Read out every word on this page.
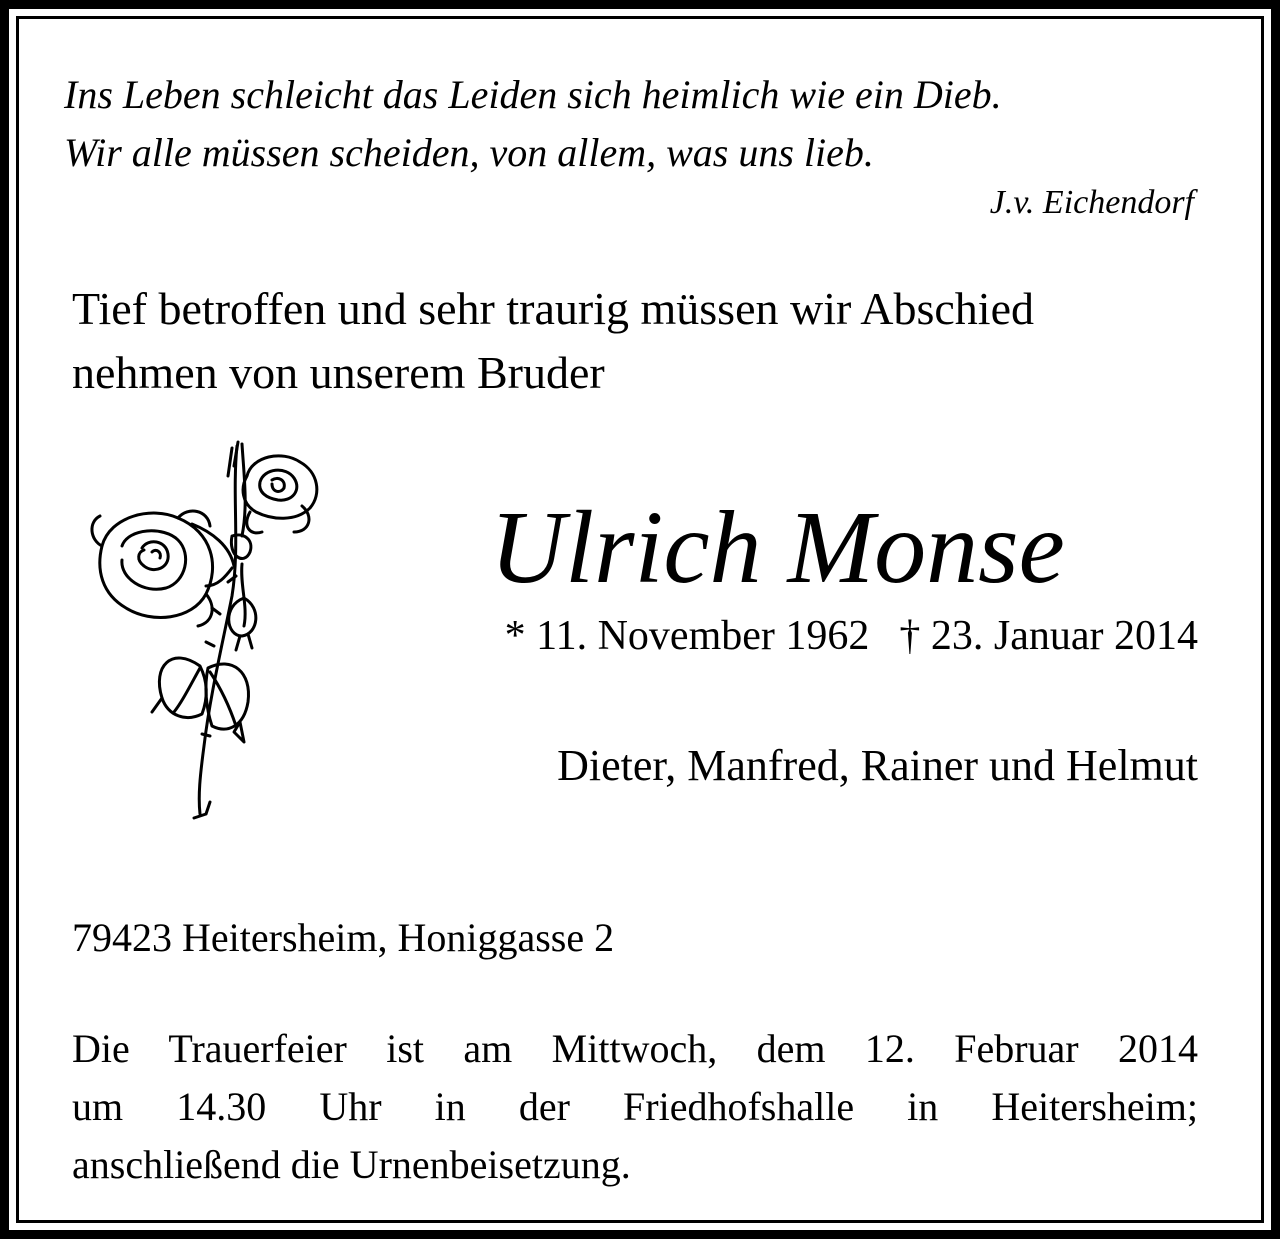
Ins Leben schleicht das Leiden sich heimlich wie ein Dieb.
Wir alle müssen scheiden, von allem, was uns lieb.
J.v. Eichendorf
Tief betroffen und sehr traurig müssen wir Abschied
nehmen von unserem Bruder
Ulrich Monse
* 11. November 1962 † 23. Januar 2014
Dieter, Manfred, Rainer und Helmut
79423 Heitersheim, Honiggasse 2
Die Trauerfeier ist am Mittwoch, dem 12. Februar 2014
um 14.30 Uhr in der Friedhofshalle in Heitersheim;
anschließend die Urnenbeisetzung.
